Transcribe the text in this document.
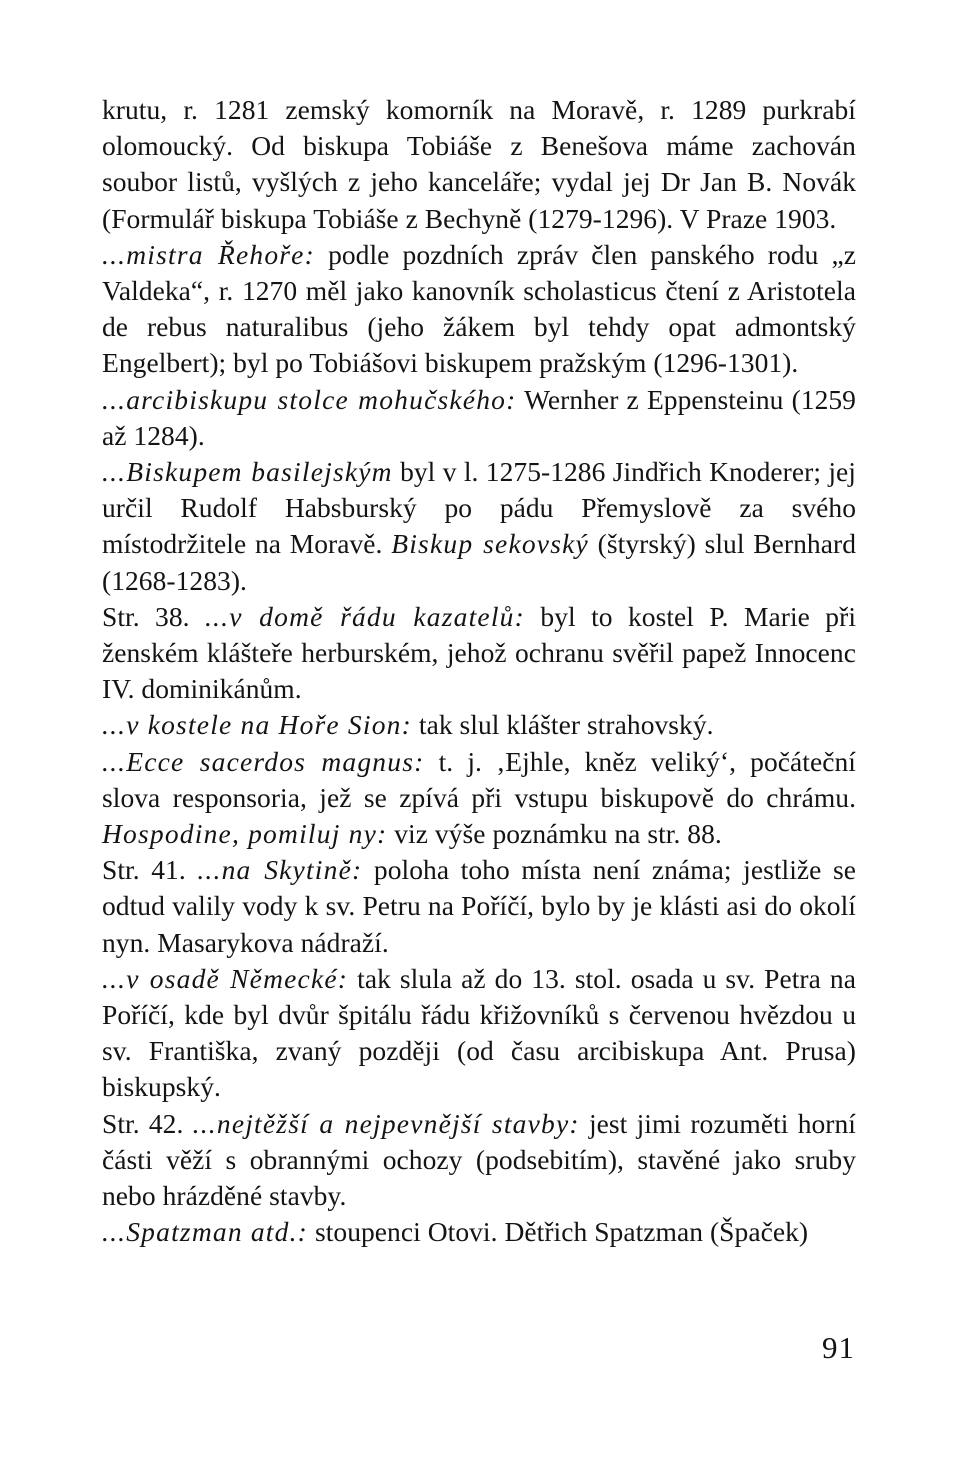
krutu, r. 1281 zemský komorník na Moravě, r. 1289 purkrabí olomoucký. Od biskupa Tobiáše z Benešova máme zachován soubor listů, vyšlých z jeho kanceláře; vydal jej Dr Jan B. Novák (Formulář biskupa Tobiáše z Bechyně (1279-1296). V Praze 1903.

...mistra Řehoře: podle pozdních zpráv člen panského rodu „z Valdeka“, r. 1270 měl jako kanovník scholasticus čtení z Aristotela de rebus naturalibus (jeho žákem byl tehdy opat admontský Engelbert); byl po Tobiášovi biskupem pražským (1296-1301).

...arcibiskupu stolce mohučského: Wernher z Eppensteinu (1259 až 1284).

...Biskupem basilejským byl v l. 1275-1286 Jindřich Knoderer; jej určil Rudolf Habsburský po pádu Přemyslově za svého místodržitele na Moravě. Biskup sekovský (štyrský) slul Bernhard (1268-1283).

Str. 38. ...v domě řádu kazatelů: byl to kostel P. Marie při ženském klášteře herburském, jehož ochranu svěřil papež Innocenc IV. dominikánům.

...v kostele na Hoře Sion: tak slul klášter strahovský.

...Ecce sacerdos magnus: t. j. ‚Ejhle, kněz veliký‘, počáteční slova responsoria, jež se zpívá při vstupu biskupově do chrámu. Hospodine, pomiluj ny: viz výše poznámku na str. 88.

Str. 41. ...na Skytině: poloha toho místa není známa; jestliže se odtud valily vody k sv. Petru na Poříčí, bylo by je klásti asi do okolí nyn. Masarykova nádraží.

...v osadě Německé: tak slula až do 13. stol. osada u sv. Petra na Poříčí, kde byl dvůr špitálu řádu křižovníků s červenou hvězdou u sv. Františka, zvaný později (od času arcibiskupa Ant. Prusa) biskupský.

Str. 42. ...nejtěžší a nejpevnější stavby: jest jimi rozuměti horní části věží s obrannými ochozy (podsebitím), stavěné jako sruby nebo hrázděné stavby.

...Spatzman atd.: stoupenci Otovi. Dětřich Spatzman (Špaček)

91
